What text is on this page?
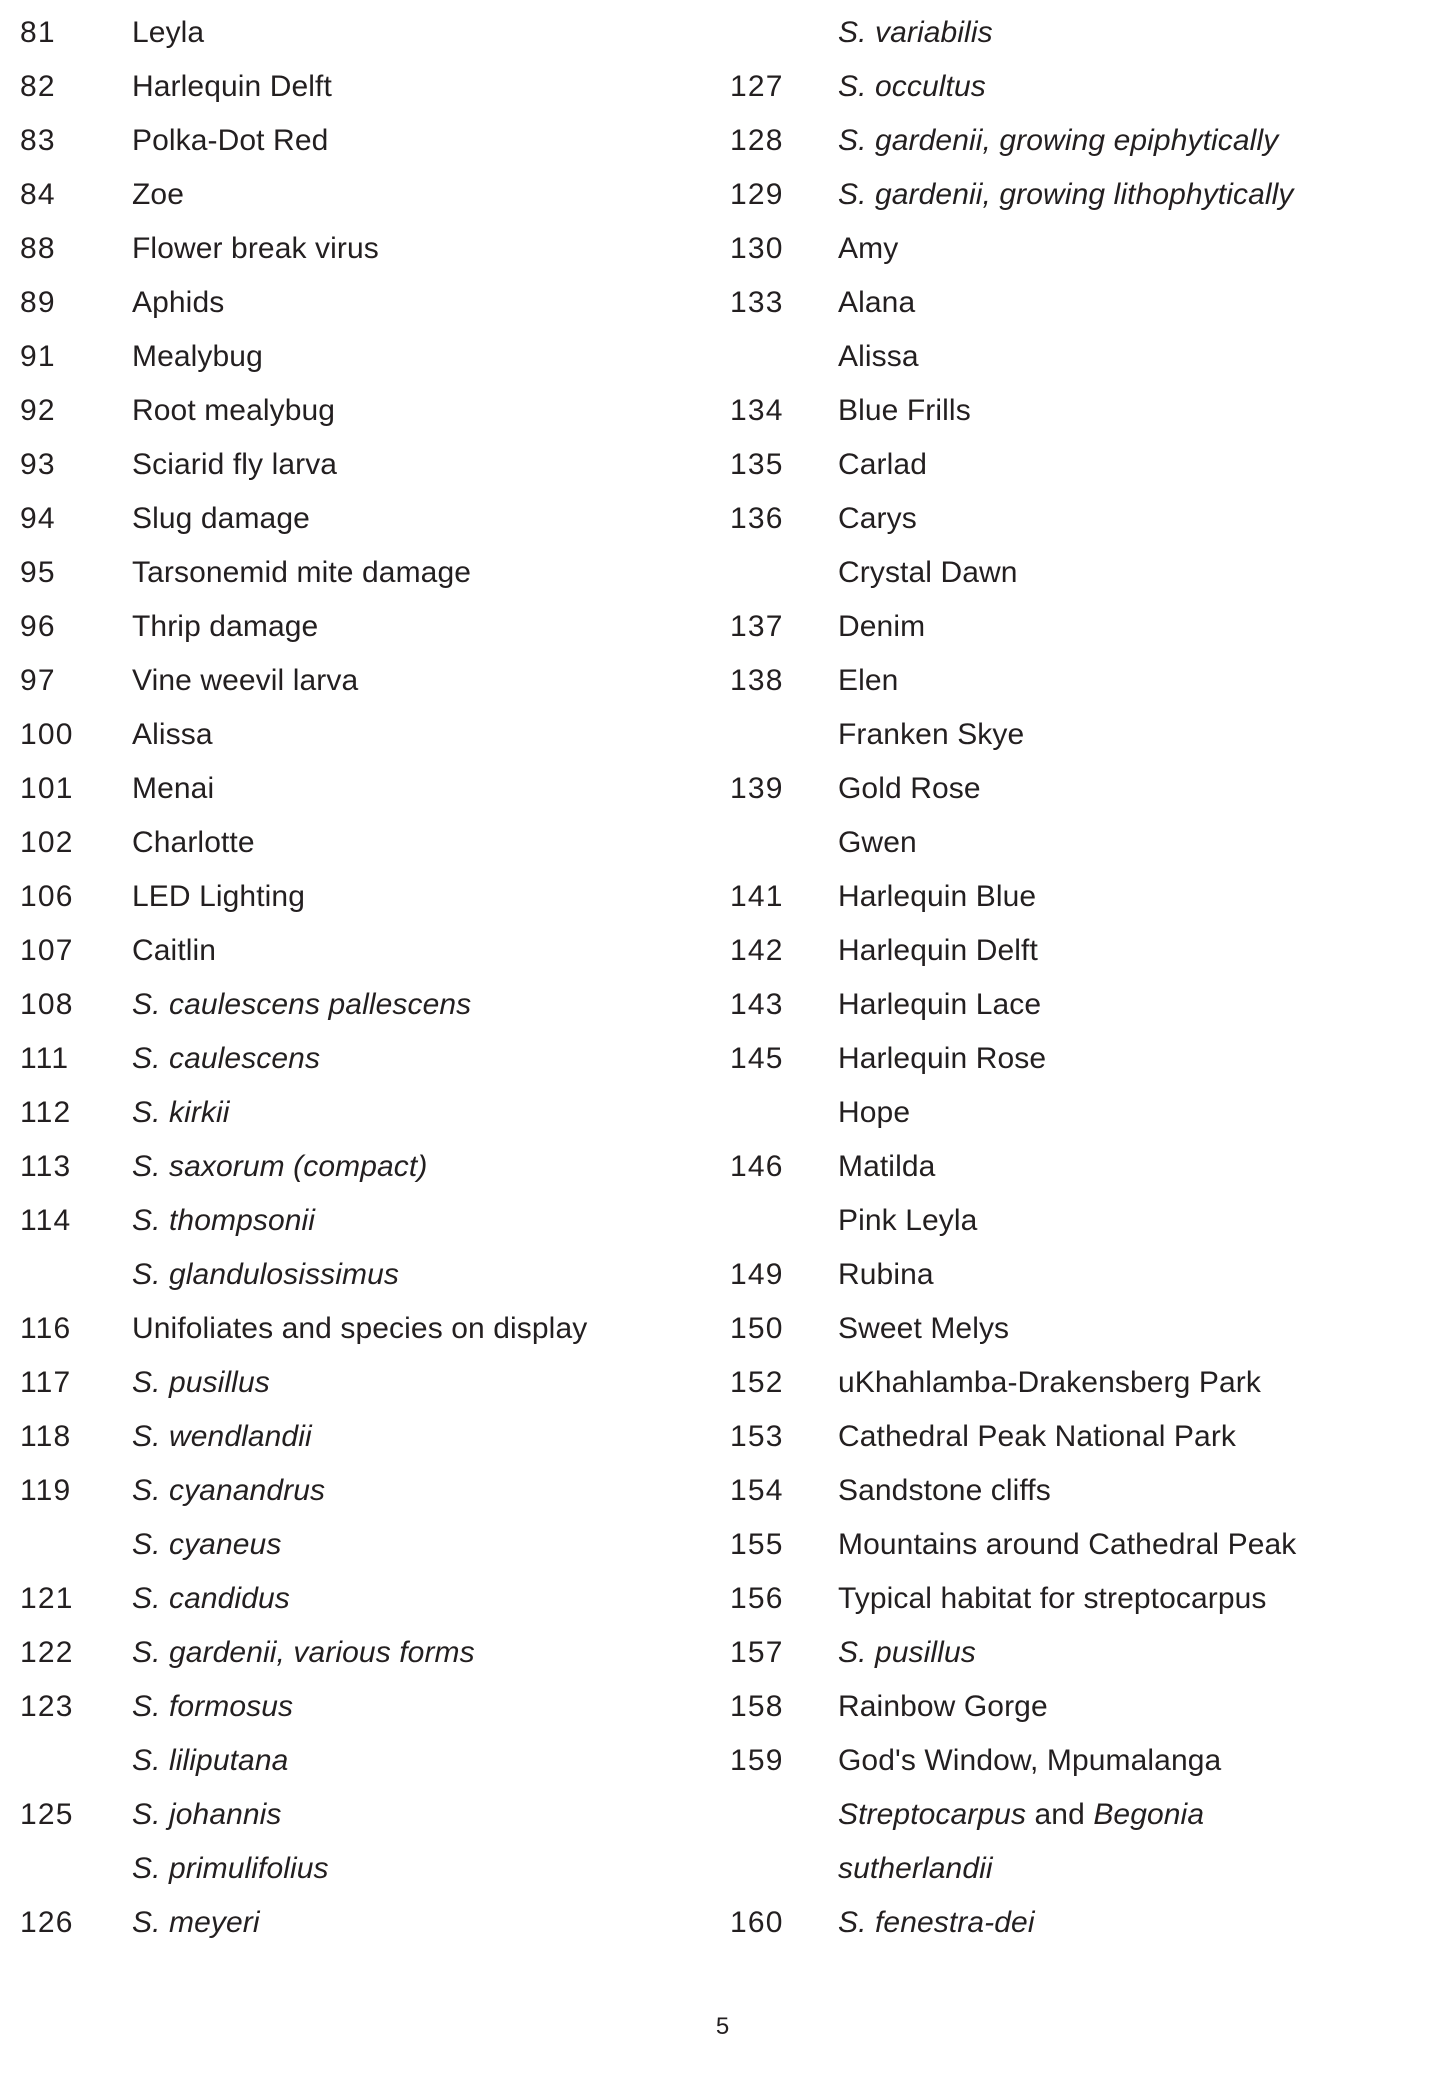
81	Leyla
82	Harlequin Delft
83	Polka-Dot Red
84	Zoe
88	Flower break virus
89	Aphids
91	Mealybug
92	Root mealybug
93	Sciarid fly larva
94	Slug damage
95	Tarsonemid mite damage
96	Thrip damage
97	Vine weevil larva
100	Alissa
101	Menai
102	Charlotte
106	LED Lighting
107	Caitlin
108	S. caulescens pallescens
111	S. caulescens
112	S. kirkii
113	S. saxorum (compact)
114	S. thompsonii
S. glandulosissimus
116	Unifoliates and species on display
117	S. pusillus
118	S. wendlandii
119	S. cyanandrus
S. cyaneus
121	S. candidus
122	S. gardenii, various forms
123	S. formosus
S. liliputana
125	S. johannis
S. primulifolius
126	S. meyeri
S. variabilis
127	S. occultus
128	S. gardenii, growing epiphytically
129	S. gardenii, growing lithophytically
130	Amy
133	Alana
Alissa
134	Blue Frills
135	Carlad
136	Carys
Crystal Dawn
137	Denim
138	Elen
Franken Skye
139	Gold Rose
Gwen
141	Harlequin Blue
142	Harlequin Delft
143	Harlequin Lace
145	Harlequin Rose
Hope
146	Matilda
Pink Leyla
149	Rubina
150	Sweet Melys
152	uKhahlamba-Drakensberg Park
153	Cathedral Peak National Park
154	Sandstone cliffs
155	Mountains around Cathedral Peak
156	Typical habitat for streptocarpus
157	S. pusillus
158	Rainbow Gorge
159	God's Window, Mpumalanga
Streptocarpus and Begonia
sutherlandii
160	S. fenestra-dei
5
